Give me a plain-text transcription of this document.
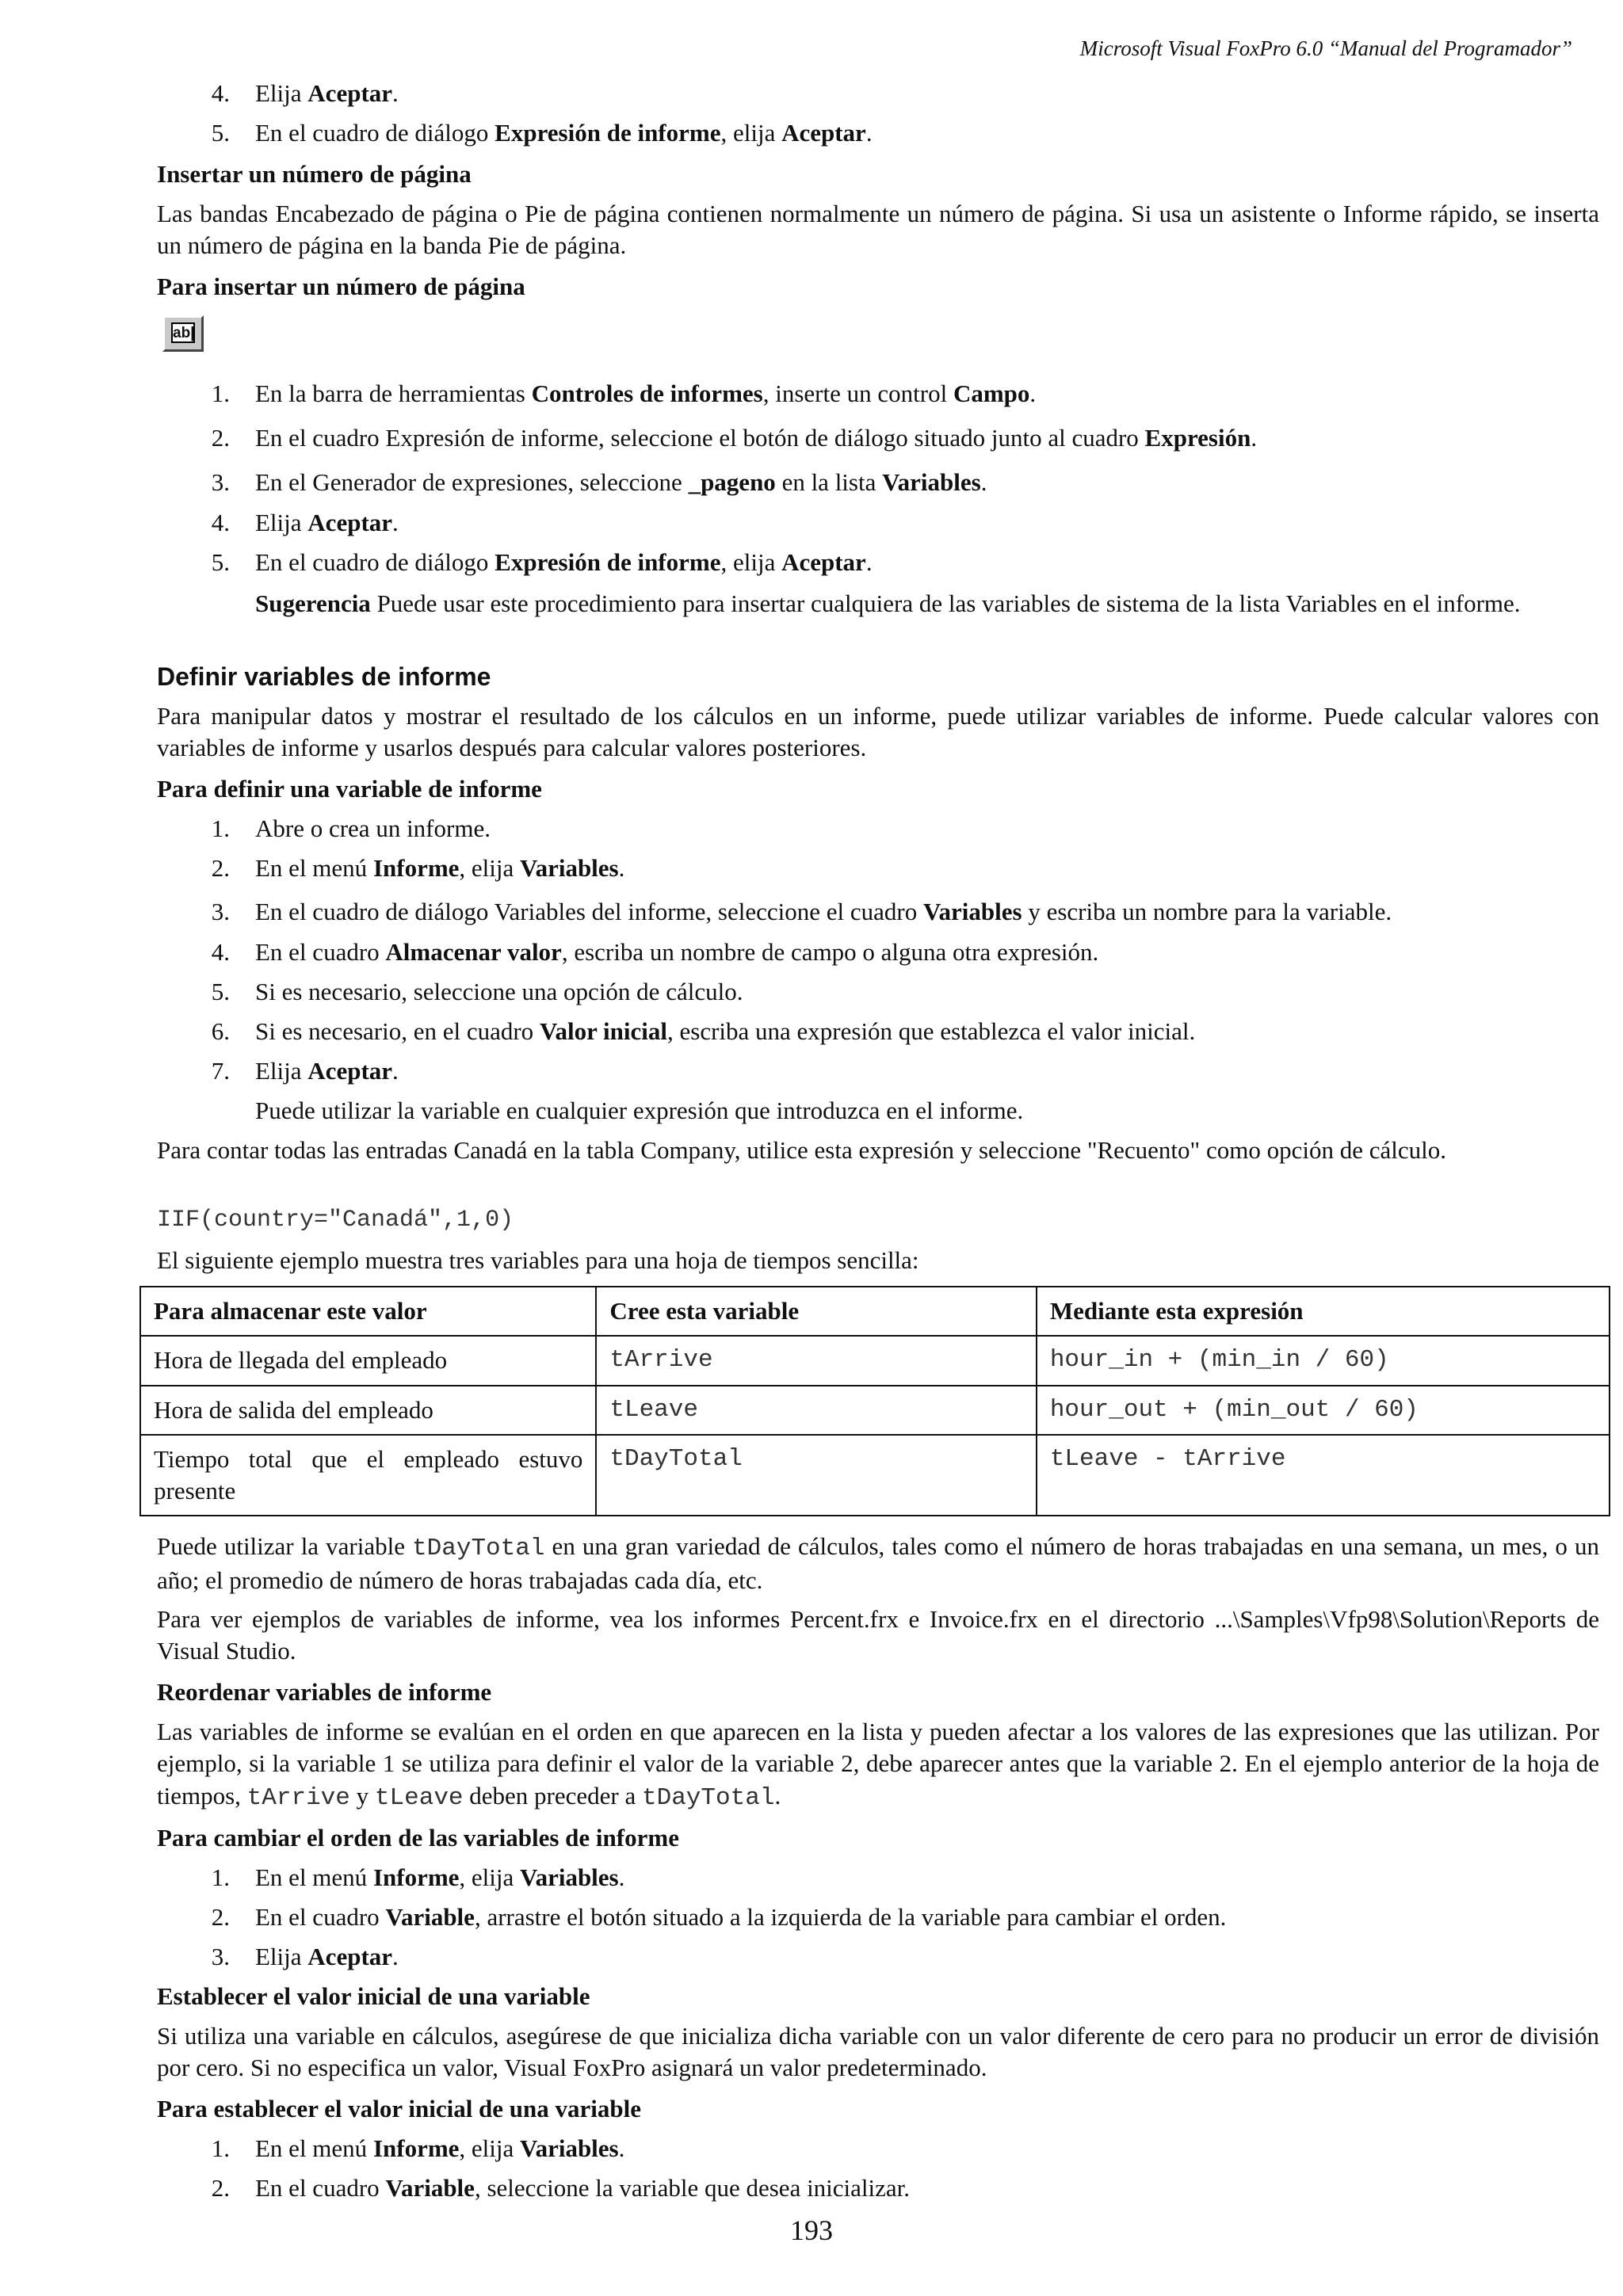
Microsoft Visual FoxPro 6.0 “Manual del Programador”
4. Elija Aceptar.
5. En el cuadro de diálogo Expresión de informe, elija Aceptar.
Insertar un número de página

Las bandas Encabezado de página o Pie de página contienen normalmente un número de página. Si usa un asistente o Informe rápido, se inserta un número de página en la banda Pie de página.

Para insertar un número de página
ab|
1. En la barra de herramientas Controles de informes, inserte un control Campo.
2. En el cuadro Expresión de informe, seleccione el botón de diálogo situado junto al cuadro Expresión.
3. En el Generador de expresiones, seleccione _pageno en la lista Variables.
4. Elija Aceptar.
5. En el cuadro de diálogo Expresión de informe, elija Aceptar.

Sugerencia Puede usar este procedimiento para insertar cualquiera de las variables de sistema de la lista Variables en el informe.

Definir variables de informe

Para manipular datos y mostrar el resultado de los cálculos en un informe, puede utilizar variables de informe. Puede calcular valores con variables de informe y usarlos después para calcular valores posteriores.

Para definir una variable de informe
1. Abre o crea un informe.
2. En el menú Informe, elija Variables.
3. En el cuadro de diálogo Variables del informe, seleccione el cuadro Variables y escriba un nombre para la variable.
4. En el cuadro Almacenar valor, escriba un nombre de campo o alguna otra expresión.
5. Si es necesario, seleccione una opción de cálculo.
6. Si es necesario, en el cuadro Valor inicial, escriba una expresión que establezca el valor inicial.
7. Elija Aceptar.

Puede utilizar la variable en cualquier expresión que introduzca en el informe.

Para contar todas las entradas Canadá en la tabla Company, utilice esta expresión y seleccione "Recuento" como opción de cálculo.

IIF(country="Canadá",1,0)

El siguiente ejemplo muestra tres variables para una hoja de tiempos sencilla:

Para almacenar este valor	Cree esta variable	Mediante esta expresión
Hora de llegada del empleado	tArrive	hour_in + (min_in / 60)
Hora de salida del empleado	tLeave	hour_out + (min_out / 60)
Tiempo total que el empleado estuvo presente	tDayTotal	tLeave - tArrive

Puede utilizar la variable tDayTotal en una gran variedad de cálculos, tales como el número de horas trabajadas en una semana, un mes, o un año; el promedio de número de horas trabajadas cada día, etc.

Para ver ejemplos de variables de informe, vea los informes Percent.frx e Invoice.frx en el directorio ...\Samples\Vfp98\Solution\Reports de Visual Studio.

Reordenar variables de informe

Las variables de informe se evalúan en el orden en que aparecen en la lista y pueden afectar a los valores de las expresiones que las utilizan. Por ejemplo, si la variable 1 se utiliza para definir el valor de la variable 2, debe aparecer antes que la variable 2. En el ejemplo anterior de la hoja de tiempos, tArrive y tLeave deben preceder a tDayTotal.

Para cambiar el orden de las variables de informe
1. En el menú Informe, elija Variables.
2. En el cuadro Variable, arrastre el botón situado a la izquierda de la variable para cambiar el orden.
3. Elija Aceptar.
Establecer el valor inicial de una variable

Si utiliza una variable en cálculos, asegúrese de que inicializa dicha variable con un valor diferente de cero para no producir un error de división por cero. Si no especifica un valor, Visual FoxPro asignará un valor predeterminado.

Para establecer el valor inicial de una variable
1. En el menú Informe, elija Variables.
2. En el cuadro Variable, seleccione la variable que desea inicializar.
193
